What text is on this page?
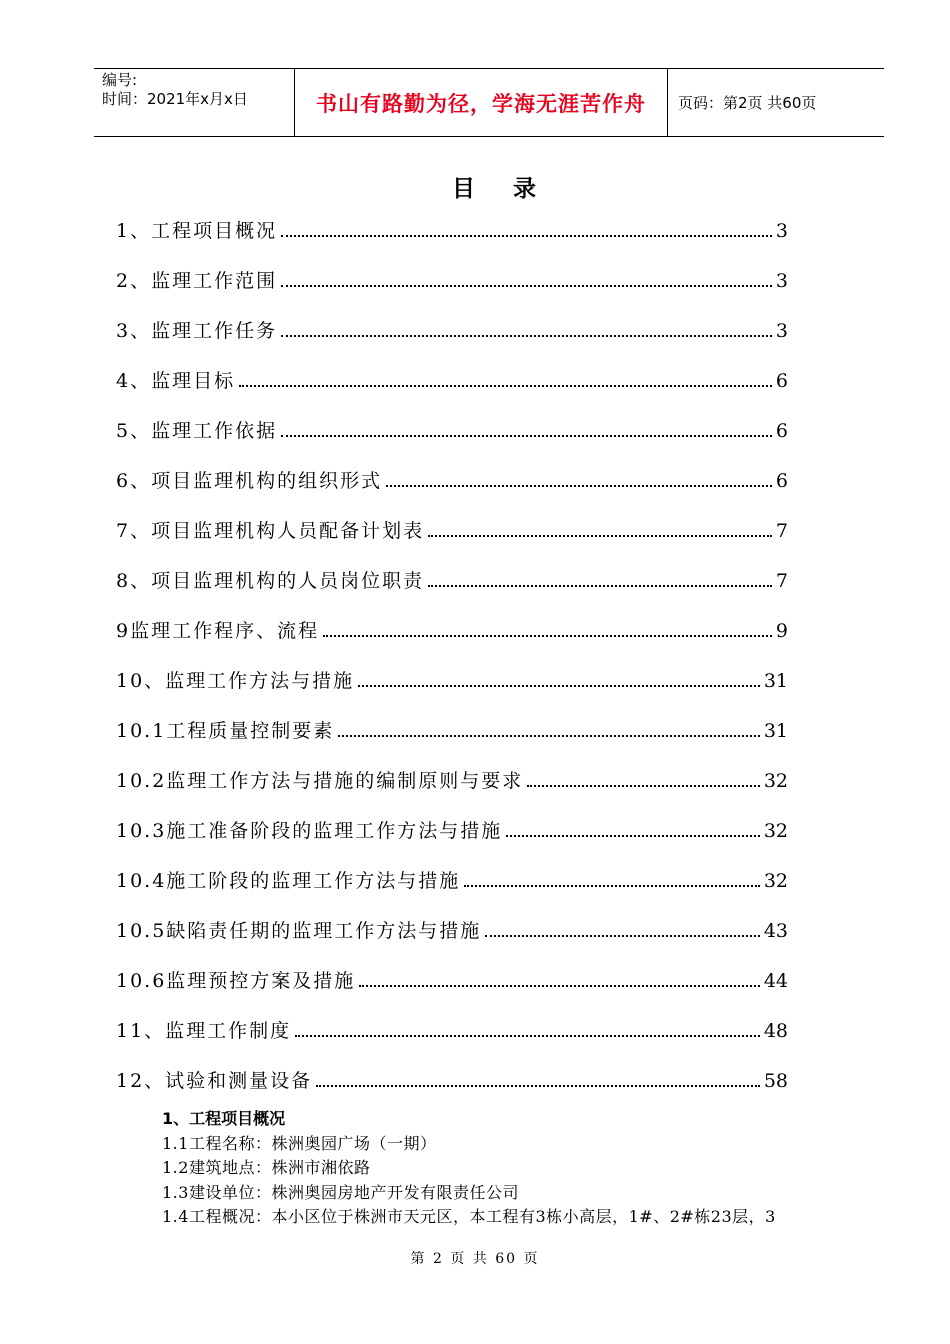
编号:
时间：2021年x月x日	书山有路勤为径，学海无涯苦作舟	页码：第2页 共60页
目录
1、工程项目概况	3
2、监理工作范围	3
3、监理工作任务	3
4、监理目标	6
5、监理工作依据	6
6、项目监理机构的组织形式	6
7、项目监理机构人员配备计划表	7
8、项目监理机构的人员岗位职责	7
9监理工作程序、流程	9
10、监理工作方法与措施	31
10.1工程质量控制要素	31
10.2监理工作方法与措施的编制原则与要求	32
10.3施工准备阶段的监理工作方法与措施	32
10.4施工阶段的监理工作方法与措施	32
10.5缺陷责任期的监理工作方法与措施	43
10.6监理预控方案及措施	44
11、监理工作制度	48
12、试验和测量设备	58
1、工程项目概况
1.1工程名称：株洲奥园广场（一期）
1.2建筑地点：株洲市湘依路
1.3建设单位：株洲奥园房地产开发有限责任公司
1.4工程概况：本小区位于株洲市天元区，本工程有3栋小高层，1#、2#栋23层，3
第 2 页 共 60 页
